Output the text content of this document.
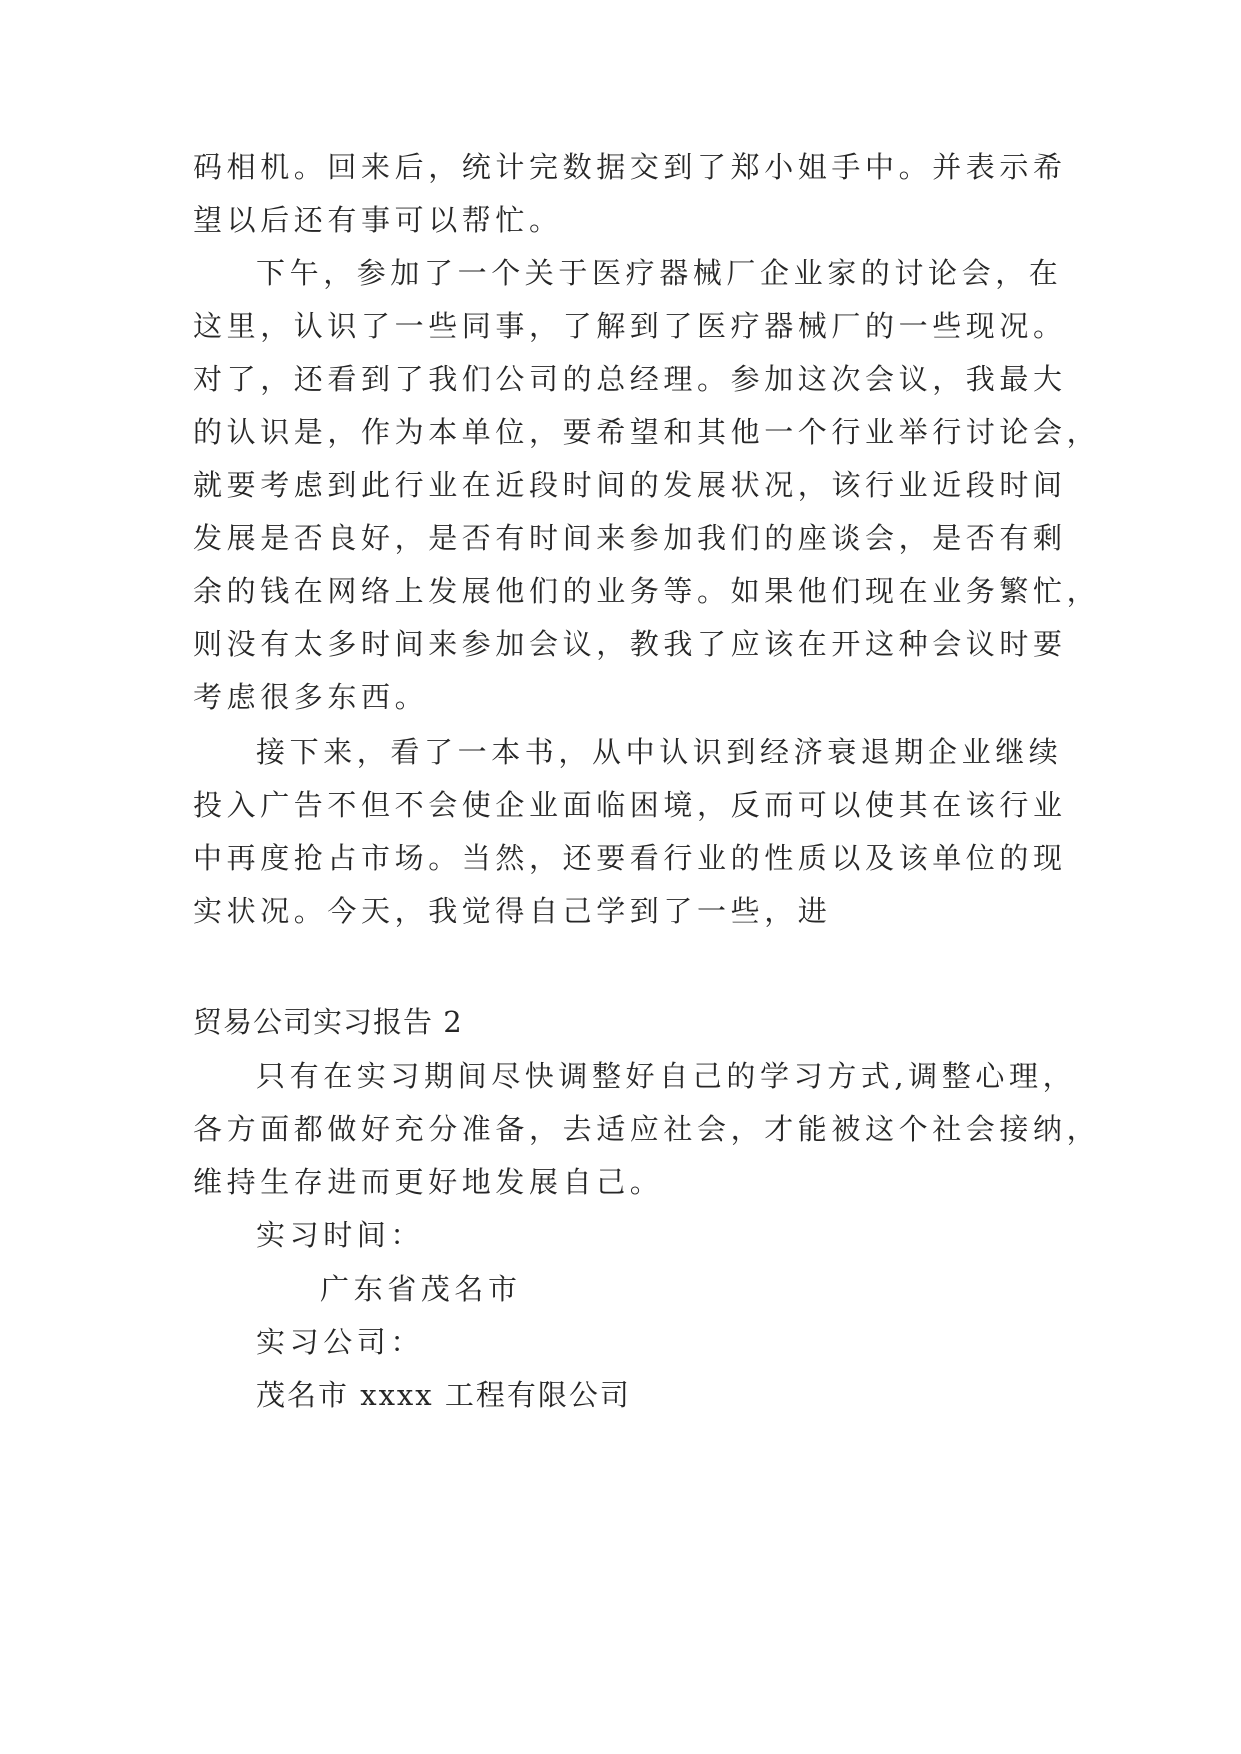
码相机。回来后，统计完数据交到了郑小姐手中。并表示希
望以后还有事可以帮忙。
下午，参加了一个关于医疗器械厂企业家的讨论会，在
这里，认识了一些同事，了解到了医疗器械厂的一些现况。
对了，还看到了我们公司的总经理。参加这次会议，我最大
的认识是，作为本单位，要希望和其他一个行业举行讨论会，
就要考虑到此行业在近段时间的发展状况，该行业近段时间
发展是否良好，是否有时间来参加我们的座谈会，是否有剩
余的钱在网络上发展他们的业务等。如果他们现在业务繁忙，
则没有太多时间来参加会议，教我了应该在开这种会议时要
考虑很多东西。
接下来，看了一本书，从中认识到经济衰退期企业继续
投入广告不但不会使企业面临困境，反而可以使其在该行业
中再度抢占市场。当然，还要看行业的性质以及该单位的现
实状况。今天，我觉得自己学到了一些，进
贸易公司实习报告 2
只有在实习期间尽快调整好自己的学习方式,调整心理，
各方面都做好充分准备，去适应社会，才能被这个社会接纳，
维持生存进而更好地发展自己。
实习时间：
广东省茂名市
实习公司：
茂名市 xxxx 工程有限公司
